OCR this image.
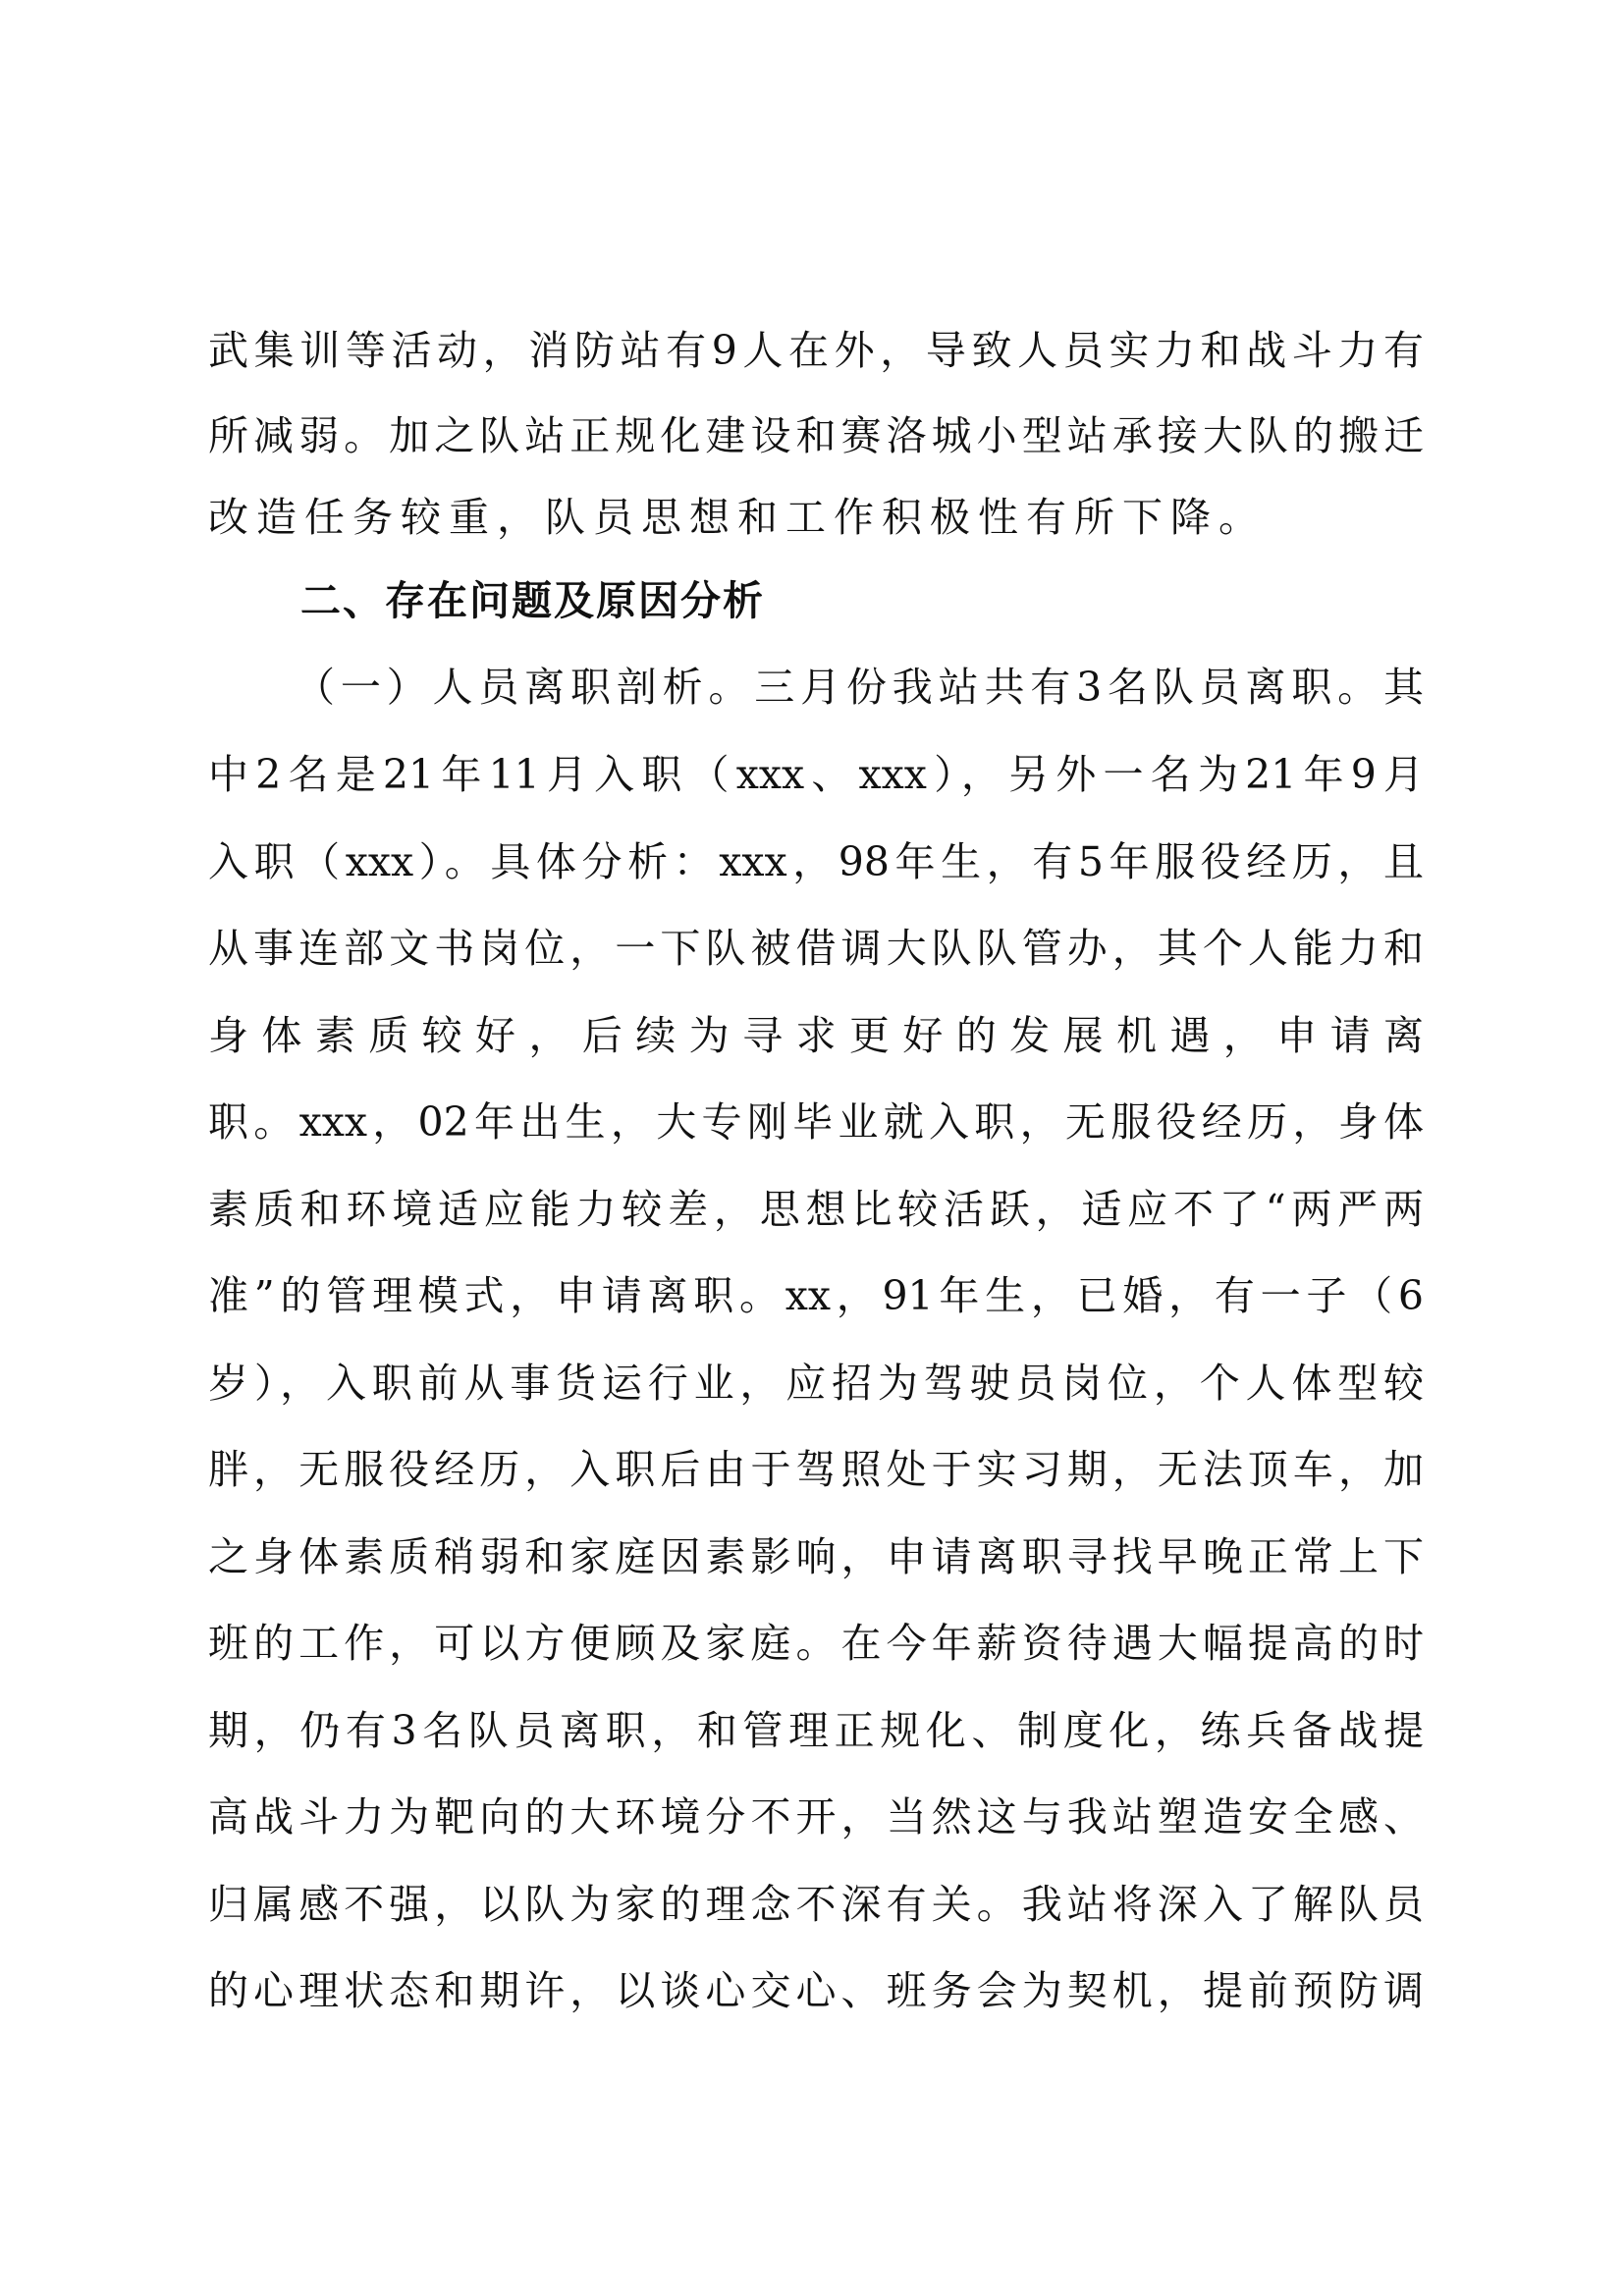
武集训等活动，消防站有9人在外，导致人员实力和战斗力有
所减弱。加之队站正规化建设和赛洛城小型站承接大队的搬迁
改造任务较重，队员思想和工作积极性有所下降。
二、存在问题及原因分析
（一）人员离职剖析。三月份我站共有3名队员离职。其
中2名是21年11月入职（xxx、xxx），另外一名为21年9月
入职（xxx）。具体分析：xxx，98年生，有5年服役经历，且
从事连部文书岗位，一下队被借调大队队管办，其个人能力和
身体素质较好，后续为寻求更好的发展机遇，申请离
职。xxx，02年出生，大专刚毕业就入职，无服役经历，身体
素质和环境适应能力较差，思想比较活跃，适应不了“两严两
准”的管理模式，申请离职。xx，91年生，已婚，有一子（6
岁），入职前从事货运行业，应招为驾驶员岗位，个人体型较
胖，无服役经历，入职后由于驾照处于实习期，无法顶车，加
之身体素质稍弱和家庭因素影响，申请离职寻找早晚正常上下
班的工作，可以方便顾及家庭。在今年薪资待遇大幅提高的时
期，仍有3名队员离职，和管理正规化、制度化，练兵备战提
高战斗力为靶向的大环境分不开，当然这与我站塑造安全感、
归属感不强，以队为家的理念不深有关。我站将深入了解队员
的心理状态和期许，以谈心交心、班务会为契机，提前预防调
